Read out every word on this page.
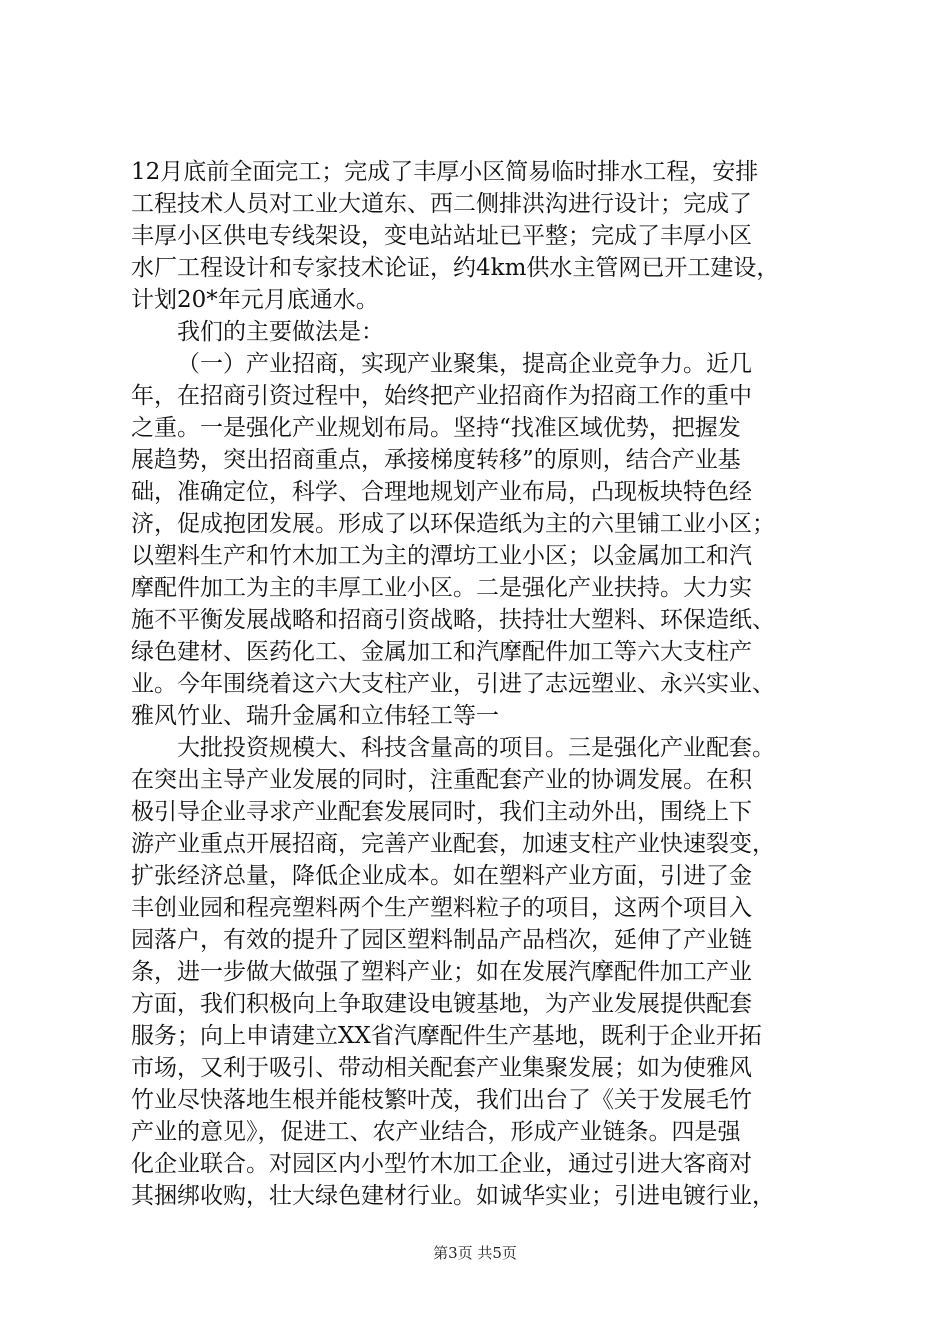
12月底前全面完工；完成了丰厚小区简易临时排水工程，安排
工程技术人员对工业大道东、西二侧排洪沟进行设计；完成了
丰厚小区供电专线架设，变电站站址已平整；完成了丰厚小区
水厂工程设计和专家技术论证，约4km供水主管网已开工建设，
计划20*年元月底通水。
我们的主要做法是：
（一）产业招商，实现产业聚集，提高企业竞争力。近几
年，在招商引资过程中，始终把产业招商作为招商工作的重中
之重。一是强化产业规划布局。坚持“找准区域优势，把握发
展趋势，突出招商重点，承接梯度转移”的原则，结合产业基
础，准确定位，科学、合理地规划产业布局，凸现板块特色经
济，促成抱团发展。形成了以环保造纸为主的六里铺工业小区；
以塑料生产和竹木加工为主的潭坊工业小区；以金属加工和汽
摩配件加工为主的丰厚工业小区。二是强化产业扶持。大力实
施不平衡发展战略和招商引资战略，扶持壮大塑料、环保造纸、
绿色建材、医药化工、金属加工和汽摩配件加工等六大支柱产
业。今年围绕着这六大支柱产业，引进了志远塑业、永兴实业、
雅风竹业、瑞升金属和立伟轻工等一
大批投资规模大、科技含量高的项目。三是强化产业配套。
在突出主导产业发展的同时，注重配套产业的协调发展。在积
极引导企业寻求产业配套发展同时，我们主动外出，围绕上下
游产业重点开展招商，完善产业配套，加速支柱产业快速裂变，
扩张经济总量，降低企业成本。如在塑料产业方面，引进了金
丰创业园和程亮塑料两个生产塑料粒子的项目，这两个项目入
园落户，有效的提升了园区塑料制品产品档次，延伸了产业链
条，进一步做大做强了塑料产业；如在发展汽摩配件加工产业
方面，我们积极向上争取建设电镀基地，为产业发展提供配套
服务；向上申请建立XX省汽摩配件生产基地，既利于企业开拓
市场，又利于吸引、带动相关配套产业集聚发展；如为使雅风
竹业尽快落地生根并能枝繁叶茂，我们出台了《关于发展毛竹
产业的意见》，促进工、农产业结合，形成产业链条。四是强
化企业联合。对园区内小型竹木加工企业，通过引进大客商对
其捆绑收购，壮大绿色建材行业。如诚华实业；引进电镀行业，
第3页 共5页
